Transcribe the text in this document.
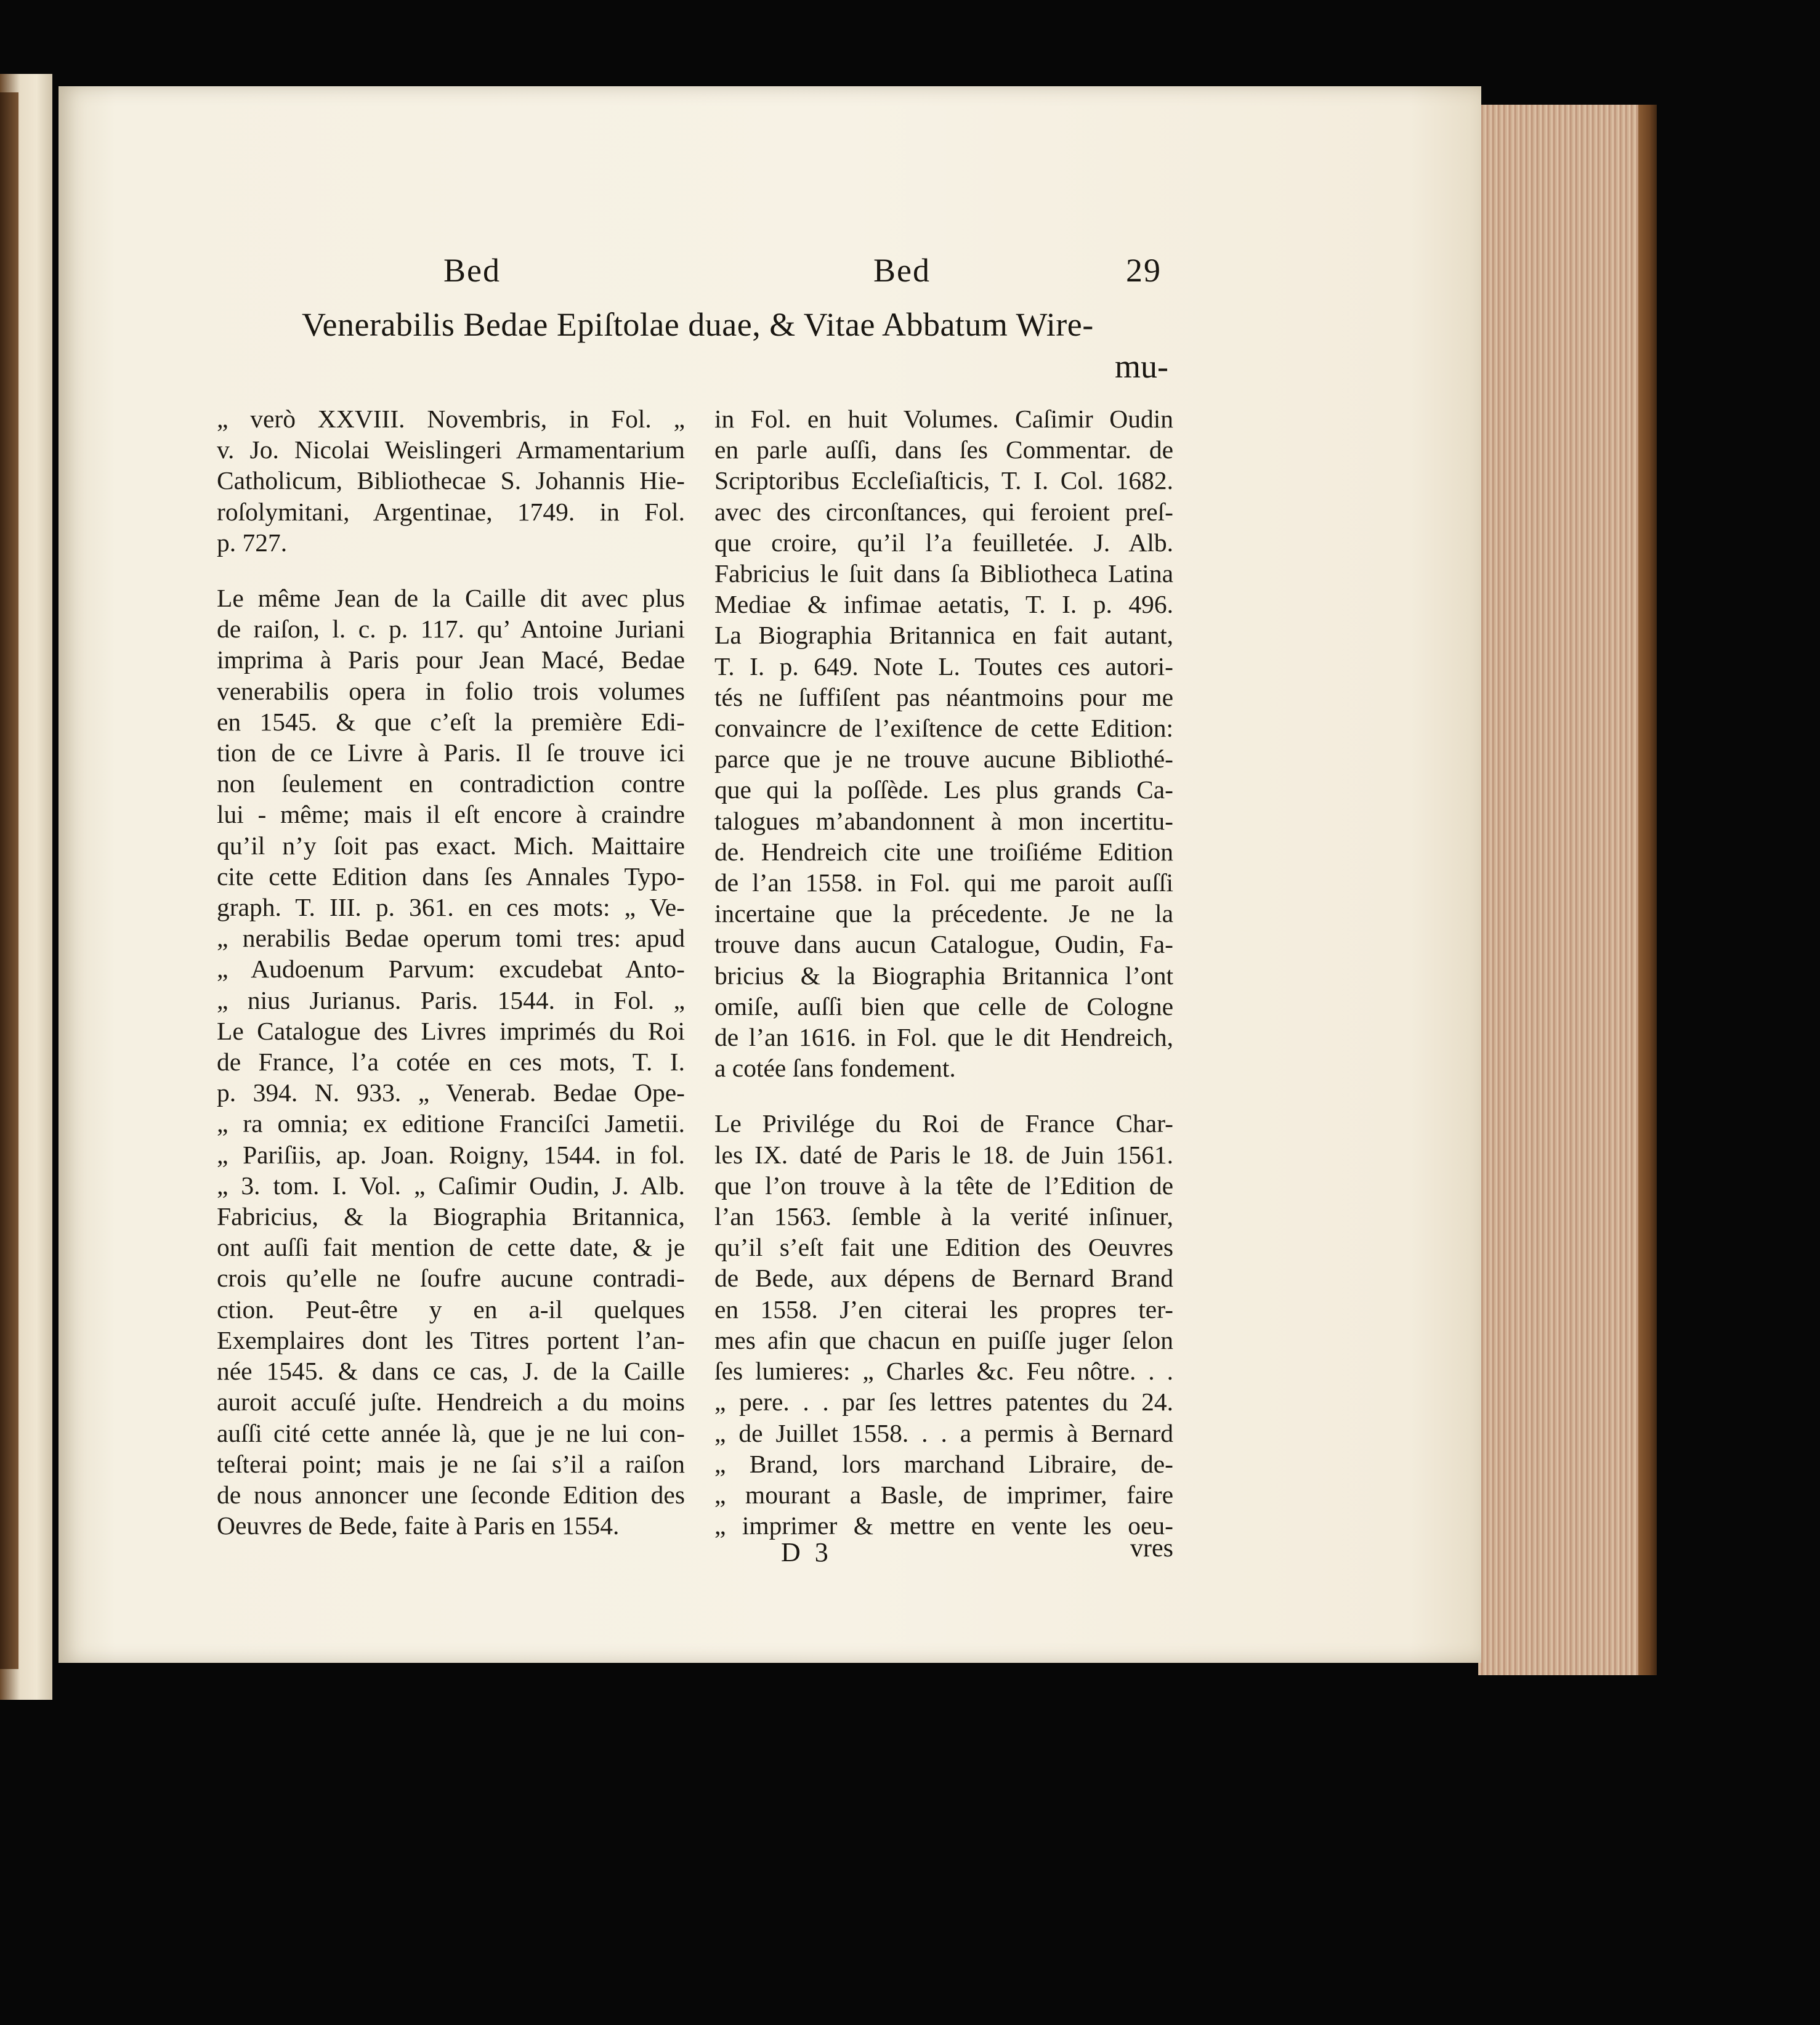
Bed	Bed	29
Venerabilis Bedae Epiſtolae duae, & Vitae Abbatum Wire-
mu-
„ verò XXVIII. Novembris, in Fol. „
v. Jo. Nicolai Weislingeri Armamentarium
Catholicum, Bibliothecae S. Johannis Hie-
roſolymitani, Argentinae, 1749. in Fol.
p. 727.
Le même Jean de la Caille dit avec plus
de raiſon, l. c. p. 117. qu’ Antoine Juriani
imprima à Paris pour Jean Macé, Bedae
venerabilis opera in folio trois volumes
en 1545. & que c’eſt la première Edi-
tion de ce Livre à Paris. Il ſe trouve ici
non ſeulement en contradiction contre
lui - même; mais il eſt encore à craindre
qu’il n’y ſoit pas exact. Mich. Maittaire
cite cette Edition dans ſes Annales Typo-
graph. T. III. p. 361. en ces mots: „ Ve-
„ nerabilis Bedae operum tomi tres: apud
„ Audoenum Parvum: excudebat Anto-
„ nius Jurianus. Paris. 1544. in Fol. „
Le Catalogue des Livres imprimés du Roi
de France, l’a cotée en ces mots, T. I.
p. 394. N. 933. „ Venerab. Bedae Ope-
„ ra omnia; ex editione Franciſci Jametii.
„ Pariſiis, ap. Joan. Roigny, 1544. in fol.
„ 3. tom. I. Vol. „ Caſimir Oudin, J. Alb.
Fabricius, & la Biographia Britannica,
ont auſſi fait mention de cette date, & je
crois qu’elle ne ſoufre aucune contradi-
ction. Peut-être y en a-il quelques
Exemplaires dont les Titres portent l’an-
née 1545. & dans ce cas, J. de la Caille
auroit accuſé juſte. Hendreich a du moins
auſſi cité cette année là, que je ne lui con-
teſterai point; mais je ne ſai s’il a raiſon
de nous annoncer une ſeconde Edition des
Oeuvres de Bede, faite à Paris en 1554.
in Fol. en huit Volumes. Caſimir Oudin
en parle auſſi, dans ſes Commentar. de
Scriptoribus Eccleſiaſticis, T. I. Col. 1682.
avec des circonſtances, qui feroient preſ-
que croire, qu’il l’a feuilletée. J. Alb.
Fabricius le ſuit dans ſa Bibliotheca Latina
Mediae & infimae aetatis, T. I. p. 496.
La Biographia Britannica en fait autant,
T. I. p. 649. Note L. Toutes ces autori-
tés ne ſuffiſent pas néantmoins pour me
convaincre de l’exiſtence de cette Edition:
parce que je ne trouve aucune Bibliothé-
que qui la poſſède. Les plus grands Ca-
talogues m’abandonnent à mon incertitu-
de. Hendreich cite une troiſiéme Edition
de l’an 1558. in Fol. qui me paroit auſſi
incertaine que la précedente. Je ne la
trouve dans aucun Catalogue, Oudin, Fa-
bricius & la Biographia Britannica l’ont
omiſe, auſſi bien que celle de Cologne
de l’an 1616. in Fol. que le dit Hendreich,
a cotée ſans fondement.
Le Privilége du Roi de France Char-
les IX. daté de Paris le 18. de Juin 1561.
que l’on trouve à la tête de l’Edition de
l’an 1563. ſemble à la verité inſinuer,
qu’il s’eſt fait une Edition des Oeuvres
de Bede, aux dépens de Bernard Brand
en 1558. J’en citerai les propres ter-
mes afin que chacun en puiſſe juger ſelon
ſes lumieres: „ Charles &c. Feu nôtre. . .
„ pere. . . par ſes lettres patentes du 24.
„ de Juillet 1558. . . a permis à Bernard
„ Brand, lors marchand Libraire, de-
„ mourant a Basle, de imprimer, faire
„ imprimer & mettre en vente les oeu-
D 3	vres
